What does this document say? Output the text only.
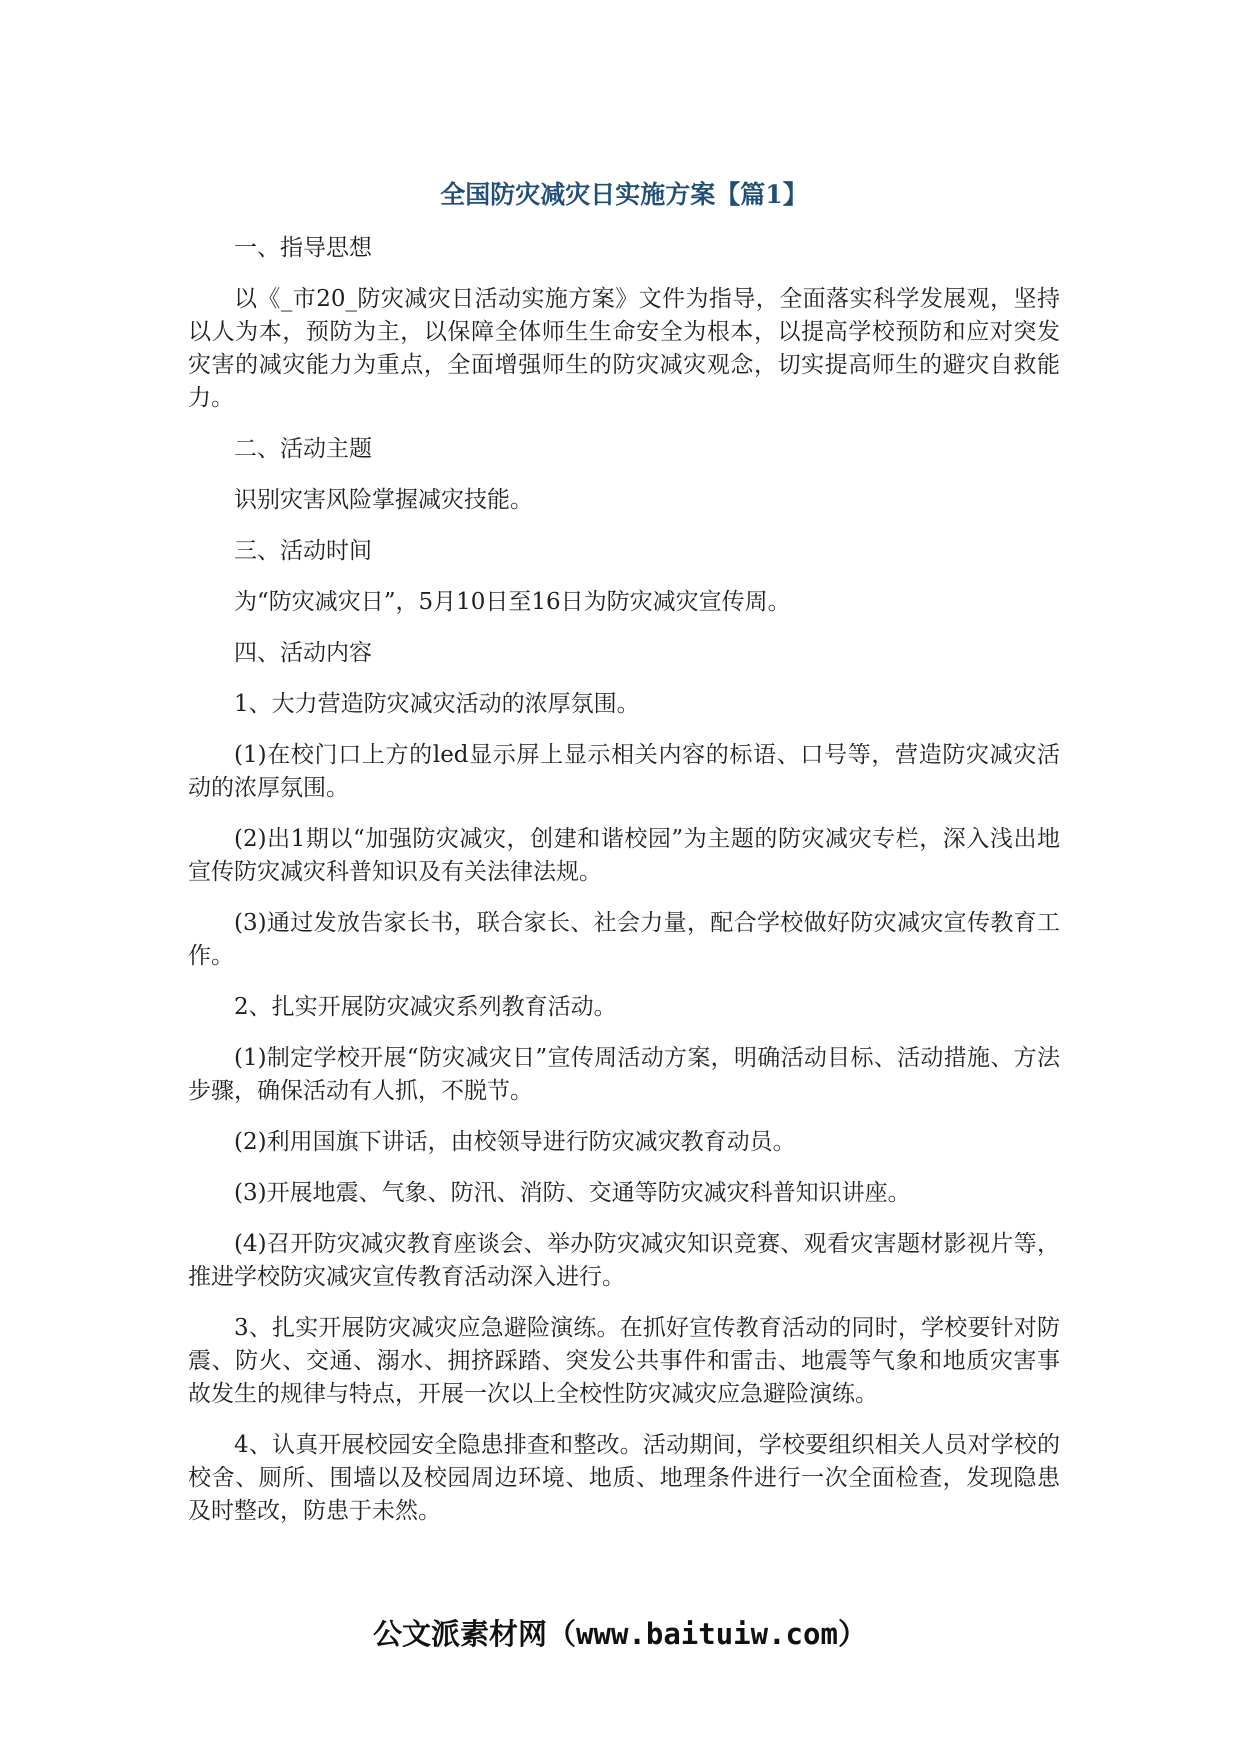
全国防灾减灾日实施方案【篇1】

一、指导思想

以《_市20_防灾减灾日活动实施方案》文件为指导，全面落实科学发展观，坚持以人为本，预防为主，以保障全体师生生命安全为根本，以提高学校预防和应对突发灾害的减灾能力为重点，全面增强师生的防灾减灾观念，切实提高师生的避灾自救能力。

二、活动主题

识别灾害风险掌握减灾技能。

三、活动时间

为“防灾减灾日”，5月10日至16日为防灾减灾宣传周。

四、活动内容

1、大力营造防灾减灾活动的浓厚氛围。

(1)在校门口上方的led显示屏上显示相关内容的标语、口号等，营造防灾减灾活动的浓厚氛围。

(2)出1期以“加强防灾减灾，创建和谐校园”为主题的防灾减灾专栏，深入浅出地宣传防灾减灾科普知识及有关法律法规。

(3)通过发放告家长书，联合家长、社会力量，配合学校做好防灾减灾宣传教育工作。

2、扎实开展防灾减灾系列教育活动。

(1)制定学校开展“防灾减灾日”宣传周活动方案，明确活动目标、活动措施、方法步骤，确保活动有人抓，不脱节。

(2)利用国旗下讲话，由校领导进行防灾减灾教育动员。

(3)开展地震、气象、防汛、消防、交通等防灾减灾科普知识讲座。

(4)召开防灾减灾教育座谈会、举办防灾减灾知识竞赛、观看灾害题材影视片等，推进学校防灾减灾宣传教育活动深入进行。

3、扎实开展防灾减灾应急避险演练。在抓好宣传教育活动的同时，学校要针对防震、防火、交通、溺水、拥挤踩踏、突发公共事件和雷击、地震等气象和地质灾害事故发生的规律与特点，开展一次以上全校性防灾减灾应急避险演练。

4、认真开展校园安全隐患排查和整改。活动期间，学校要组织相关人员对学校的校舍、厕所、围墙以及校园周边环境、地质、地理条件进行一次全面检查，发现隐患及时整改，防患于未然。

公文派素材网（www.baituiw.com）
